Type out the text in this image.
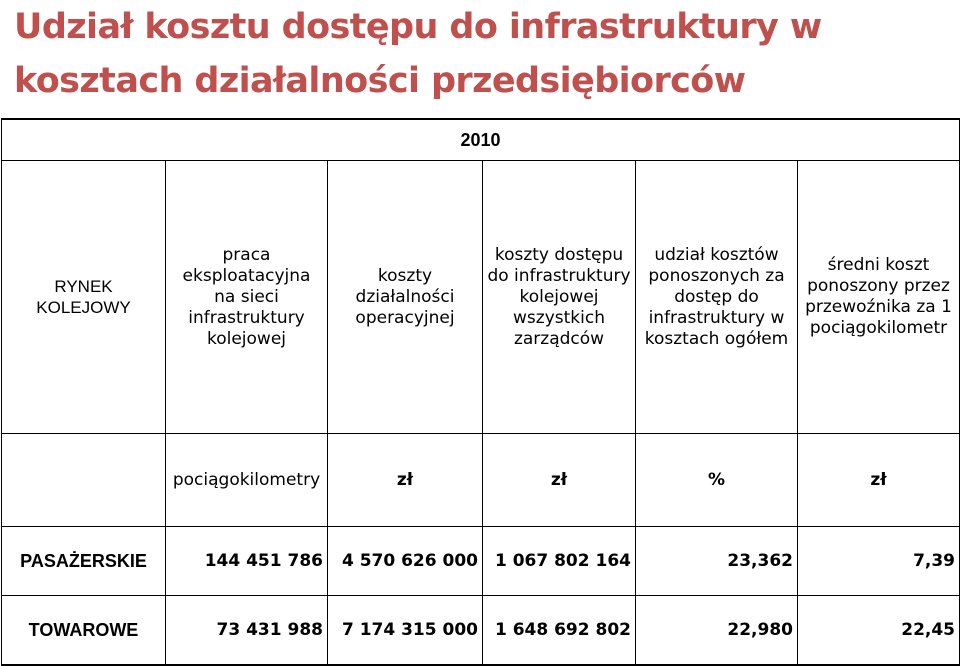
Udział kosztu dostępu do infrastruktury w kosztach działalności przedsiębiorców
2010					
RYNEK KOLEJOWY	praca eksploatacyjna na sieci infrastruktury kolejowej	koszty działalności operacyjnej	koszty dostępu do infrastruktury kolejowej wszystkich zarządców	udział kosztów ponoszonych za dostęp do infrastruktury w kosztach ogółem	średni koszt ponoszony przez przewoźnika za 1 pociągokilometr
	pociągokilometry	zł	zł	%	zł
PASAŻERSKIE	144 451 786	4 570 626 000	1 067 802 164	23,362	7,39
TOWAROWE	73 431 988	7 174 315 000	1 648 692 802	22,980	22,45
